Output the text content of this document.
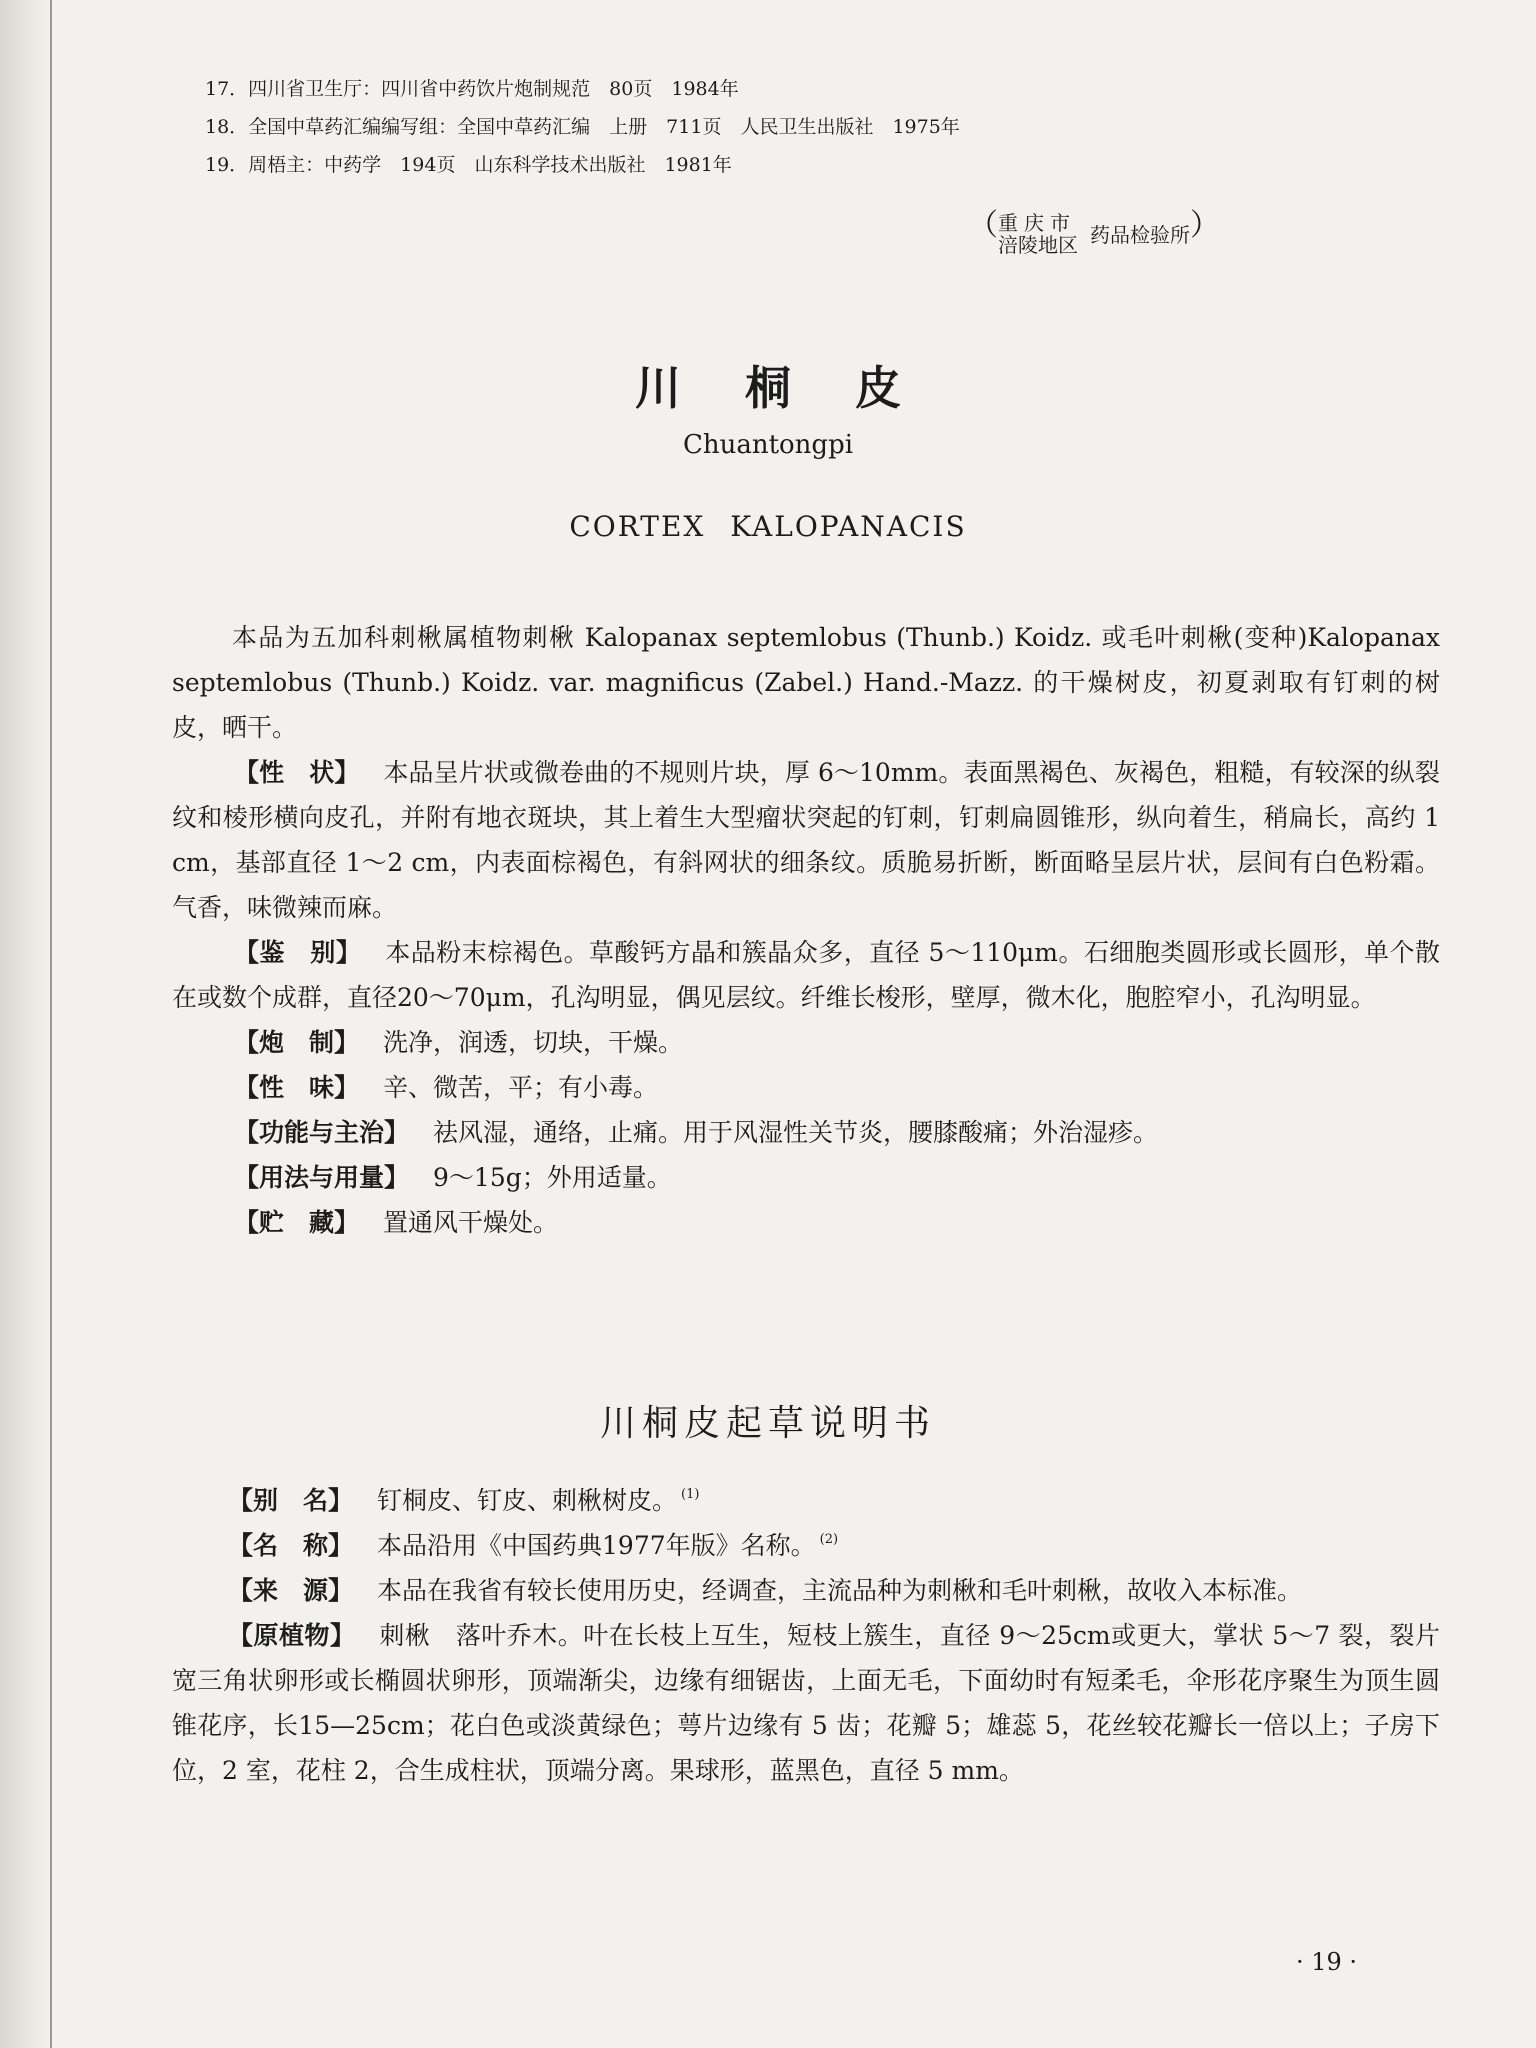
17．四川省卫生厅：四川省中药饮片炮制规范　80页　1984年
18．全国中草药汇编编写组：全国中草药汇编　上册　711页　人民卫生出版社　1975年
19．周梧主：中药学　194页　山东科学技术出版社　1981年
（ 重庆市
涪陵地区 药品检验所）
川桐皮
Chuantongpi
CORTEX KALOPANACIS

本品为五加科刺楸属植物刺楸 Kalopanax septemlobus (Thunb.) Koidz. 或毛叶刺楸(变种)Kalopanax septemlobus (Thunb.) Koidz. var. magnificus (Zabel.) Hand.-Mazz. 的干燥树皮，初夏剥取有钉刺的树皮，晒干。

【性　状】 本品呈片状或微卷曲的不规则片块，厚 6～10mm。表面黑褐色、灰褐色，粗糙，有较深的纵裂纹和棱形横向皮孔，并附有地衣斑块，其上着生大型瘤状突起的钉刺，钉刺扁圆锥形，纵向着生，稍扁长，高约 1 cm，基部直径 1～2 cm，内表面棕褐色，有斜网状的细条纹。质脆易折断，断面略呈层片状，层间有白色粉霜。气香，味微辣而麻。

【鉴　别】 本品粉末棕褐色。草酸钙方晶和簇晶众多，直径 5～110μm。石细胞类圆形或长圆形，单个散在或数个成群，直径20～70μm，孔沟明显，偶见层纹。纤维长梭形，壁厚，微木化，胞腔窄小，孔沟明显。

【炮　制】 洗净，润透，切块，干燥。

【性　味】 辛、微苦，平；有小毒。

【功能与主治】 祛风湿，通络，止痛。用于风湿性关节炎，腰膝酸痛；外治湿疹。

【用法与用量】 9～15g；外用适量。

【贮　藏】 置通风干燥处。

川桐皮起草说明书

【别　名】 钉桐皮、钉皮、刺楸树皮。 $^{(1)}$

【名　称】 本品沿用《中国药典1977年版》名称。 $^{(2)}$

【来　源】 本品在我省有较长使用历史，经调查，主流品种为刺楸和毛叶刺楸，故收入本标准。

【原植物】 刺楸　落叶乔木。叶在长枝上互生，短枝上簇生，直径 9～25cm或更大，掌状 5～7 裂，裂片宽三角状卵形或长椭圆状卵形，顶端渐尖，边缘有细锯齿，上面无毛，下面幼时有短柔毛，伞形花序聚生为顶生圆锥花序，长15—25cm；花白色或淡黄绿色；萼片边缘有 5 齿；花瓣 5；雄蕊 5，花丝较花瓣长一倍以上；子房下位，2 室，花柱 2，合生成柱状，顶端分离。果球形，蓝黑色，直径 5 mm。

· 19 ·
